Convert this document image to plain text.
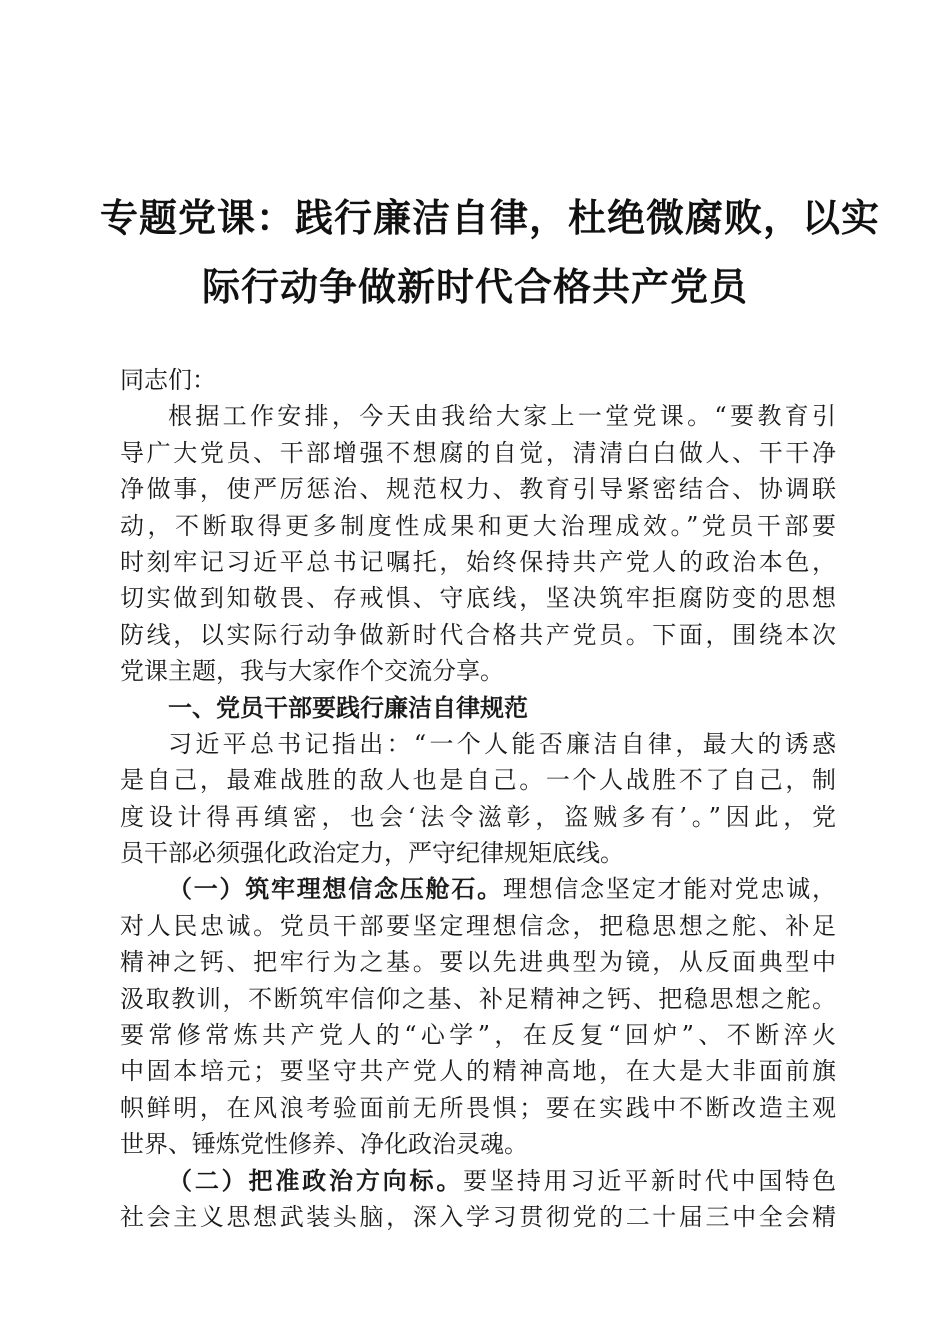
专题党课：践行廉洁自律，杜绝微腐败，以实
际行动争做新时代合格共产党员
同志们：
根据工作安排，今天由我给大家上一堂党课。“要教育引
导广大党员、干部增强不想腐的自觉，清清白白做人、干干净
净做事，使严厉惩治、规范权力、教育引导紧密结合、协调联
动，不断取得更多制度性成果和更大治理成效。”党员干部要
时刻牢记习近平总书记嘱托，始终保持共产党人的政治本色，
切实做到知敬畏、存戒惧、守底线，坚决筑牢拒腐防变的思想
防线，以实际行动争做新时代合格共产党员。下面，围绕本次
党课主题，我与大家作个交流分享。
一、党员干部要践行廉洁自律规范
习近平总书记指出：“一个人能否廉洁自律，最大的诱惑
是自己，最难战胜的敌人也是自己。一个人战胜不了自己，制
度设计得再缜密，也会‘法令滋彰，盗贼多有’。”因此，党
员干部必须强化政治定力，严守纪律规矩底线。
（一）筑牢理想信念压舱石。理想信念坚定才能对党忠诚，
对人民忠诚。党员干部要坚定理想信念，把稳思想之舵、补足
精神之钙、把牢行为之基。要以先进典型为镜，从反面典型中
汲取教训，不断筑牢信仰之基、补足精神之钙、把稳思想之舵。
要常修常炼共产党人的“心学”，在反复“回炉”、不断淬火
中固本培元；要坚守共产党人的精神高地，在大是大非面前旗
帜鲜明，在风浪考验面前无所畏惧；要在实践中不断改造主观
世界、锤炼党性修养、净化政治灵魂。
（二）把准政治方向标。要坚持用习近平新时代中国特色
社会主义思想武装头脑，深入学习贯彻党的二十届三中全会精
